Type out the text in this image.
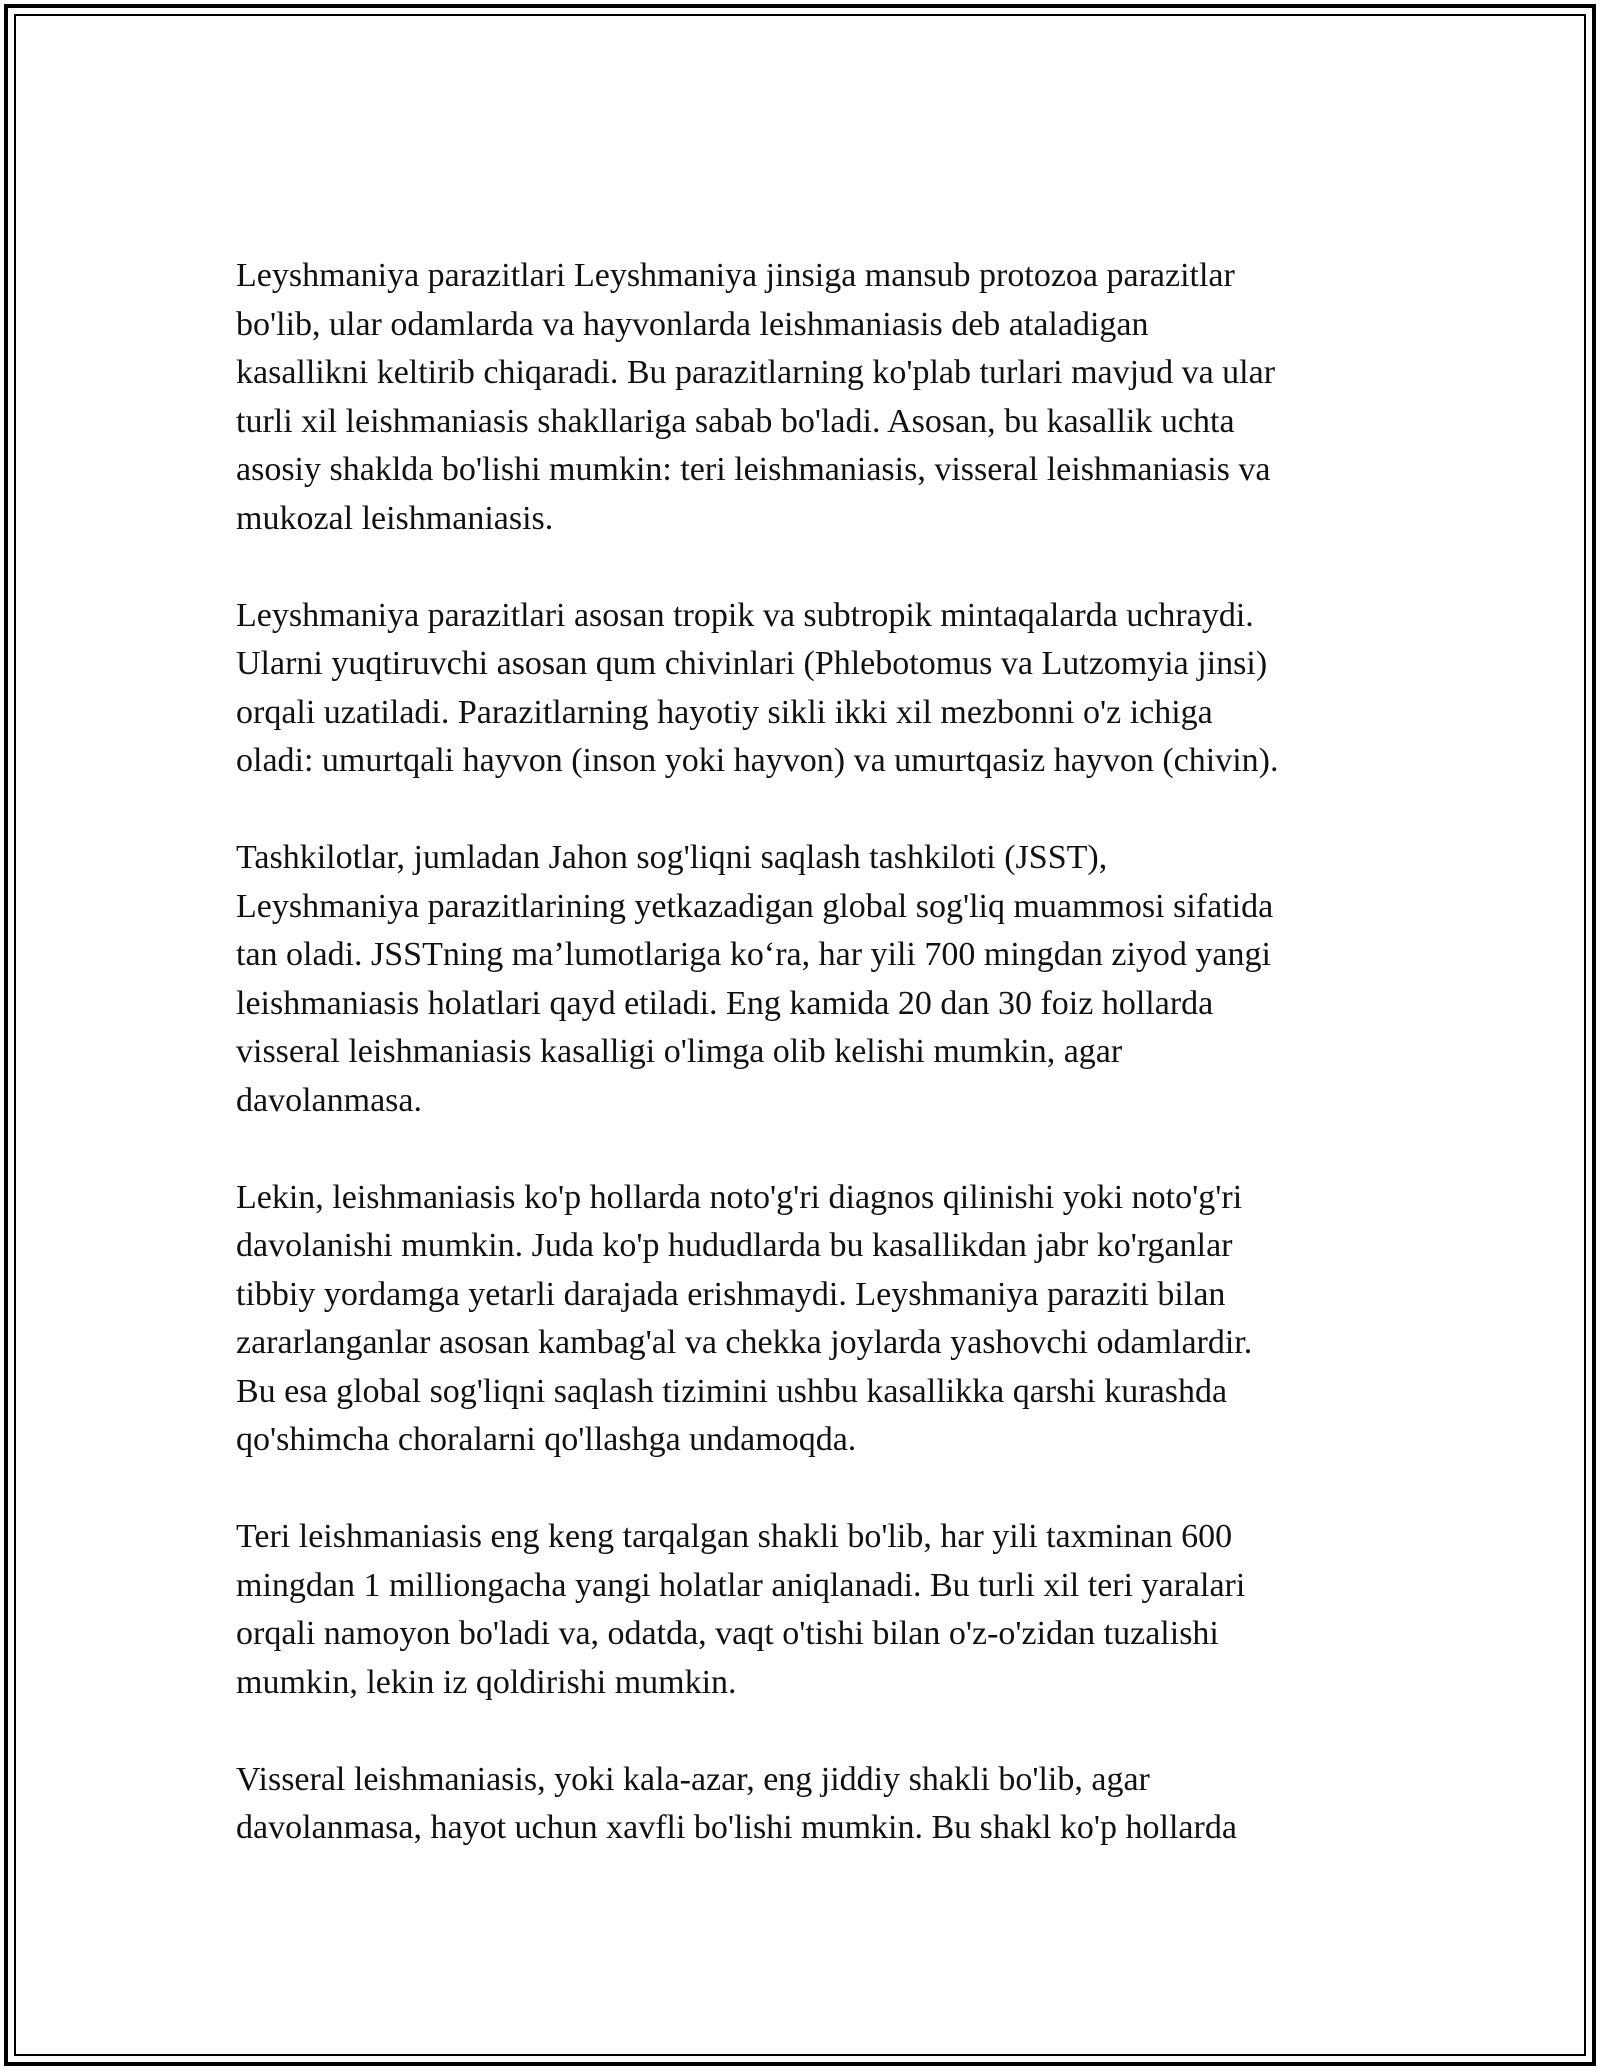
Leyshmaniya parazitlari Leyshmaniya jinsiga mansub protozoa parazitlar
bo'lib, ular odamlarda va hayvonlarda leishmaniasis deb ataladigan
kasallikni keltirib chiqaradi. Bu parazitlarning ko'plab turlari mavjud va ular
turli xil leishmaniasis shakllariga sabab bo'ladi. Asosan, bu kasallik uchta
asosiy shaklda bo'lishi mumkin: teri leishmaniasis, visseral leishmaniasis va
mukozal leishmaniasis.

Leyshmaniya parazitlari asosan tropik va subtropik mintaqalarda uchraydi.
Ularni yuqtiruvchi asosan qum chivinlari (Phlebotomus va Lutzomyia jinsi)
orqali uzatiladi. Parazitlarning hayotiy sikli ikki xil mezbonni o'z ichiga
oladi: umurtqali hayvon (inson yoki hayvon) va umurtqasiz hayvon (chivin).

Tashkilotlar, jumladan Jahon sog'liqni saqlash tashkiloti (JSST),
Leyshmaniya parazitlarining yetkazadigan global sog'liq muammosi sifatida
tan oladi. JSSTning ma’lumotlariga ko‘ra, har yili 700 mingdan ziyod yangi
leishmaniasis holatlari qayd etiladi. Eng kamida 20 dan 30 foiz hollarda
visseral leishmaniasis kasalligi o'limga olib kelishi mumkin, agar
davolanmasa.

Lekin, leishmaniasis ko'p hollarda noto'g'ri diagnos qilinishi yoki noto'g'ri
davolanishi mumkin. Juda ko'p hududlarda bu kasallikdan jabr ko'rganlar
tibbiy yordamga yetarli darajada erishmaydi. Leyshmaniya paraziti bilan
zararlanganlar asosan kambag'al va chekka joylarda yashovchi odamlardir.
Bu esa global sog'liqni saqlash tizimini ushbu kasallikka qarshi kurashda
qo'shimcha choralarni qo'llashga undamoqda.

Teri leishmaniasis eng keng tarqalgan shakli bo'lib, har yili taxminan 600
mingdan 1 milliongacha yangi holatlar aniqlanadi. Bu turli xil teri yaralari
orqali namoyon bo'ladi va, odatda, vaqt o'tishi bilan o'z-o'zidan tuzalishi
mumkin, lekin iz qoldirishi mumkin.

Visseral leishmaniasis, yoki kala-azar, eng jiddiy shakli bo'lib, agar
davolanmasa, hayot uchun xavfli bo'lishi mumkin. Bu shakl ko'p hollarda
